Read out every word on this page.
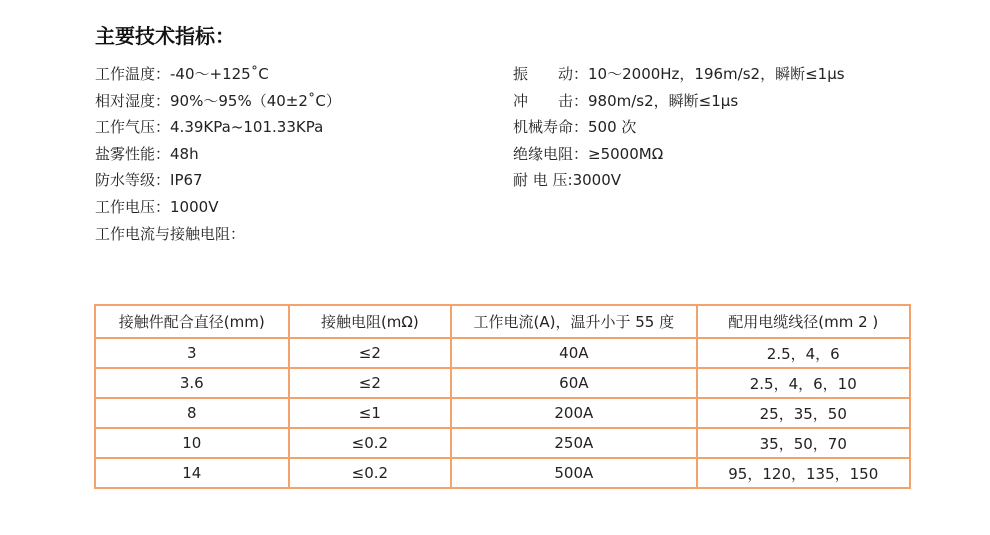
主要技术指标：
工作温度：-40～+125˚C
相对湿度：90%～95%（40±2˚C）
工作气压：4.39KPa~101.33KPa
盐雾性能：48h
防水等级：IP67
工作电压：1000V
工作电流与接触电阻：
振　　动：10～2000Hz，196m/s2，瞬断≤1μs
冲　　击：980m/s2，瞬断≤1μs
机械寿命：500 次
绝缘电阻：≥5000MΩ
耐 电 压:3000V
接触件配合直径(mm)	接触电阻(mΩ)	工作电流(A)，温升小于 55 度	配用电缆线径(mm 2 )
3	≤2	40A	2.5，4，6
3.6	≤2	60A	2.5，4，6，10
8	≤1	200A	25，35，50
10	≤0.2	250A	35，50，70
14	≤0.2	500A	95，120，135，150
